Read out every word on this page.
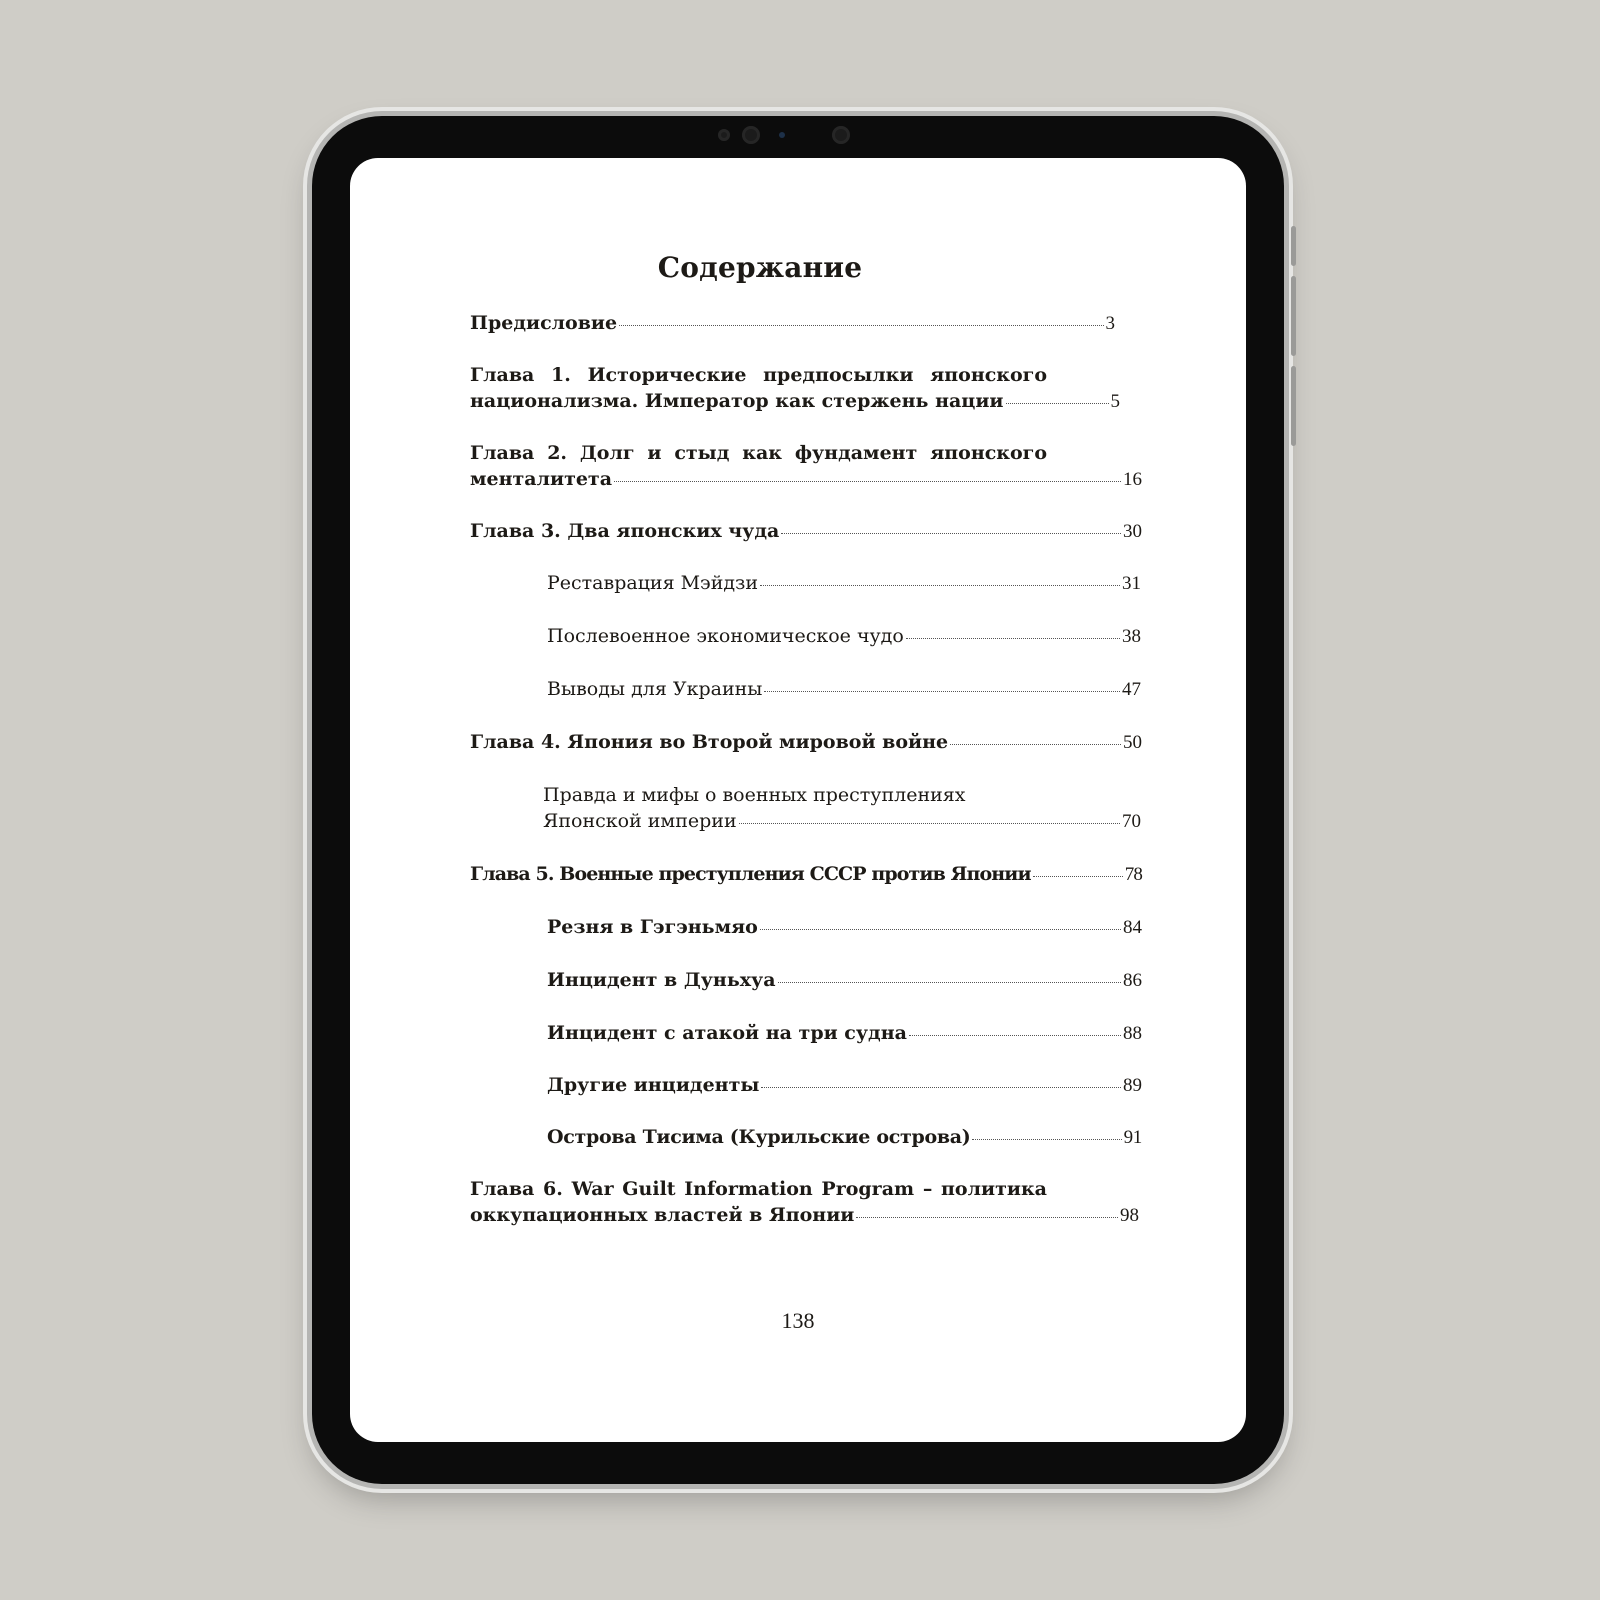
Содержание
Предисловие	3
Глава 1. Исторические предпосылки японского
национализма. Император как стержень нации	5
Глава 2. Долг и стыд как фундамент японского
менталитета	16
Глава 3. Два японских чуда	30
Реставрация Мэйдзи	31
Послевоенное экономическое чудо	38
Выводы для Украины	47
Глава 4. Япония во Второй мировой войне	50
Правда и мифы о военных преступлениях
Японской империи	70
Глава 5. Военные преступления СССР против Японии	78
Резня в Гэгэньмяо	84
Инцидент в Дуньхуа	86
Инцидент с атакой на три судна	88
Другие инциденты	89
Острова Тисима (Курильские острова)	91
Глава 6. War Guilt Information Program – политика
оккупационных властей в Японии	98
138
